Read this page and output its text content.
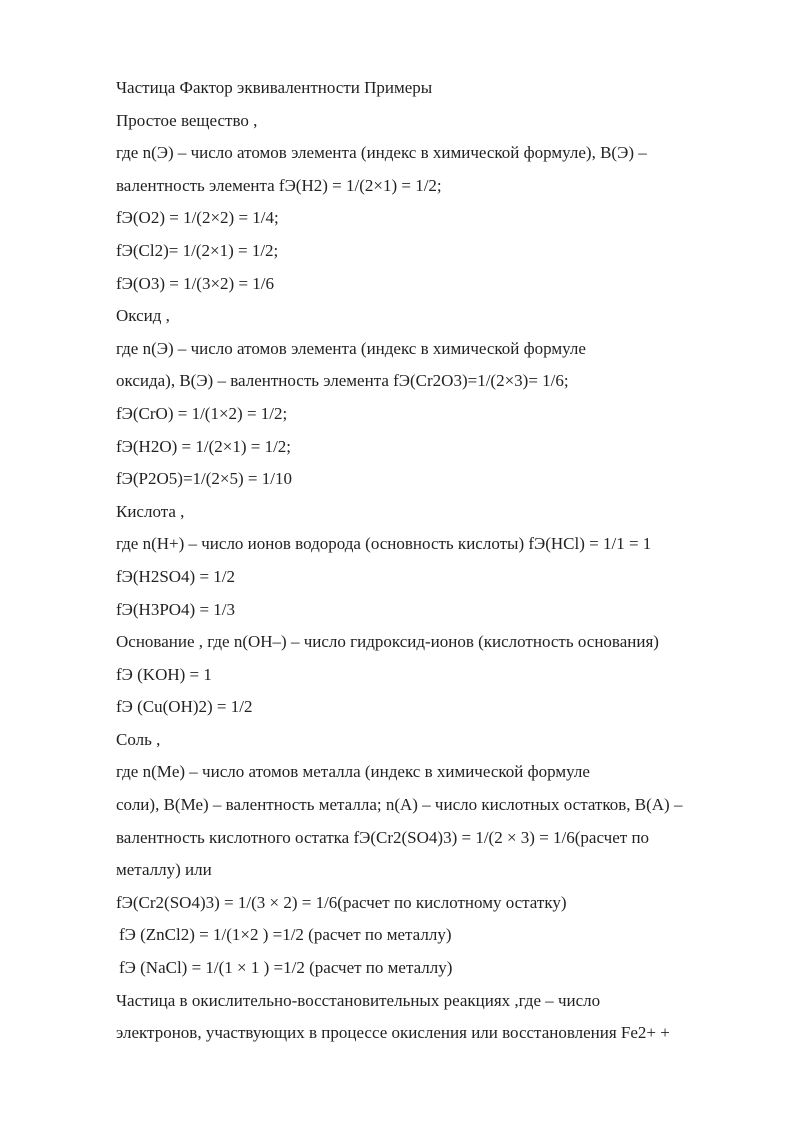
Частица Фактор эквивалентности Примеры
Простое вещество ,
где n(Э) – число атомов элемента (индекс в химической формуле), В(Э) –
валентность элемента fЭ(H2) = 1/(2×1) = 1/2;
fЭ(O2) = 1/(2×2) = 1/4;
fЭ(Cl2)= 1/(2×1) = 1/2;
fЭ(O3) = 1/(3×2) = 1/6
Оксид ,
где n(Э) – число атомов элемента (индекс в химической формуле
оксида), В(Э) – валентность элемента fЭ(Cr2O3)=1/(2×3)= 1/6;
fЭ(CrO) = 1/(1×2) = 1/2;
fЭ(H2O) = 1/(2×1) = 1/2;
fЭ(P2O5)=1/(2×5) = 1/10
Кислота ,
где n(H+) – число ионов водорода (основность кислоты) fЭ(HCl) = 1/1 = 1
fЭ(H2SO4) = 1/2
fЭ(H3PO4) = 1/3
Основание , где n(OH–) – число гидроксид-ионов (кислотность основания)
fЭ (KOH) = 1
fЭ (Cu(OH)2) = 1/2
Соль ,
где n(Me) – число атомов металла (индекс в химической формуле
соли), В(Ме) – валентность металла; n(А) – число кислотных остатков, В(А) –
валентность кислотного остатка fЭ(Cr2(SO4)3) = 1/(2 × 3) = 1/6(расчет по
металлу) или
fЭ(Cr2(SO4)3) = 1/(3 × 2) = 1/6(расчет по кислотному остатку)
fЭ (ZnCl2) = 1/(1×2 ) =1/2 (расчет по металлу)
fЭ (NaCl) = 1/(1 × 1 ) =1/2 (расчет по металлу)
Частица в окислительно-восстановительных реакциях ,где – число
электронов, участвующих в процессе окисления или восстановления Fe2+ +
